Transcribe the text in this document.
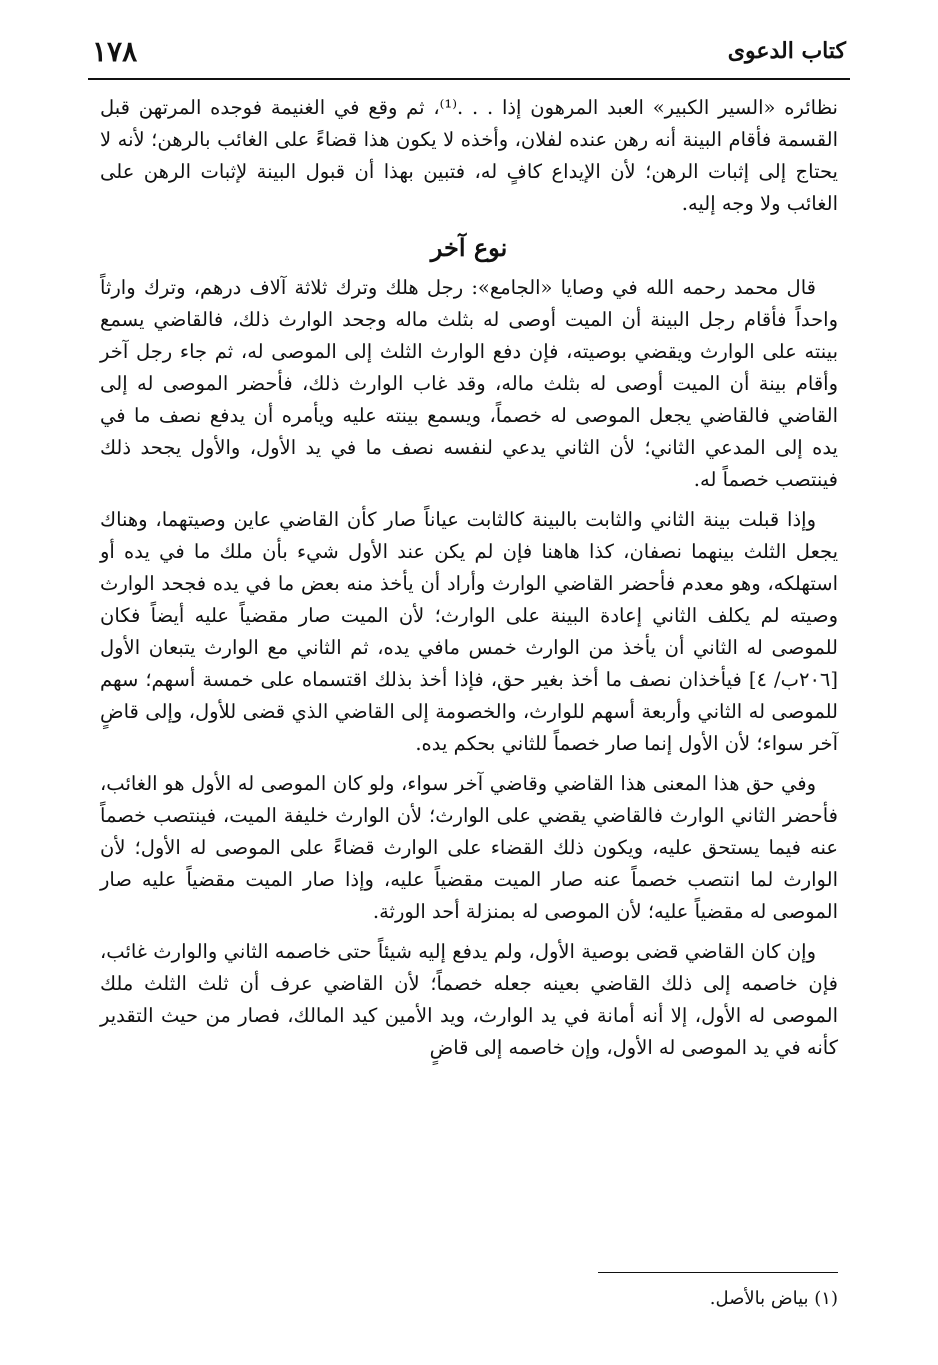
كتاب الدعوى
١٧٨

نظائره «السير الكبير» العبد المرهون إذا . . .⁽¹⁾، ثم وقع في الغنيمة فوجده المرتهن قبل القسمة فأقام البينة أنه رهن عنده لفلان، وأخذه لا يكون هذا قضاءً على الغائب بالرهن؛ لأنه لا يحتاج إلى إثبات الرهن؛ لأن الإيداع كافٍ له، فتبين بهذا أن قبول البينة لإثبات الرهن على الغائب ولا وجه إليه.

نوع آخر

قال محمد رحمه الله في وصايا «الجامع»: رجل هلك وترك ثلاثة آلاف درهم، وترك وارثاً واحداً فأقام رجل البينة أن الميت أوصى له بثلث ماله وجحد الوارث ذلك، فالقاضي يسمع بينته على الوارث ويقضي بوصيته، فإن دفع الوارث الثلث إلى الموصى له، ثم جاء رجل آخر وأقام بينة أن الميت أوصى له بثلث ماله، وقد غاب الوارث ذلك، فأحضر الموصى له إلى القاضي فالقاضي يجعل الموصى له خصماً، ويسمع بينته عليه ويأمره أن يدفع نصف ما في يده إلى المدعي الثاني؛ لأن الثاني يدعي لنفسه نصف ما في يد الأول، والأول يجحد ذلك فينتصب خصماً له.

وإذا قبلت بينة الثاني والثابت بالبينة كالثابت عياناً صار كأن القاضي عاين وصيتهما، وهناك يجعل الثلث بينهما نصفان، كذا هاهنا فإن لم يكن عند الأول شيء بأن ملك ما في يده أو استهلكه، وهو معدم فأحضر القاضي الوارث وأراد أن يأخذ منه بعض ما في يده فجحد الوارث وصيته لم يكلف الثاني إعادة البينة على الوارث؛ لأن الميت صار مقضياً عليه أيضاً فكان للموصى له الثاني أن يأخذ من الوارث خمس مافي يده، ثم الثاني مع الوارث يتبعان الأول [٢٠٦ب/ ٤] فيأخذان نصف ما أخذ بغير حق، فإذا أخذ بذلك اقتسماه على خمسة أسهم؛ سهم للموصى له الثاني وأربعة أسهم للوارث، والخصومة إلى القاضي الذي قضى للأول، وإلى قاضٍ آخر سواء؛ لأن الأول إنما صار خصماً للثاني بحكم يده.

وفي حق هذا المعنى هذا القاضي وقاضي آخر سواء، ولو كان الموصى له الأول هو الغائب، فأحضر الثاني الوارث فالقاضي يقضي على الوارث؛ لأن الوارث خليفة الميت، فينتصب خصماً عنه فيما يستحق عليه، ويكون ذلك القضاء على الوارث قضاءً على الموصى له الأول؛ لأن الوارث لما انتصب خصماً عنه صار الميت مقضياً عليه، وإذا صار الميت مقضياً عليه صار الموصى له مقضياً عليه؛ لأن الموصى له بمنزلة أحد الورثة.

وإن كان القاضي قضى بوصية الأول، ولم يدفع إليه شيئاً حتى خاصمه الثاني والوارث غائب، فإن خاصمه إلى ذلك القاضي بعينه جعله خصماً؛ لأن القاضي عرف أن ثلث الثلث ملك الموصى له الأول، إلا أنه أمانة في يد الوارث، ويد الأمين كيد المالك، فصار من حيث التقدير كأنه في يد الموصى له الأول، وإن خاصمه إلى قاضٍ

(١) بياض بالأصل.
